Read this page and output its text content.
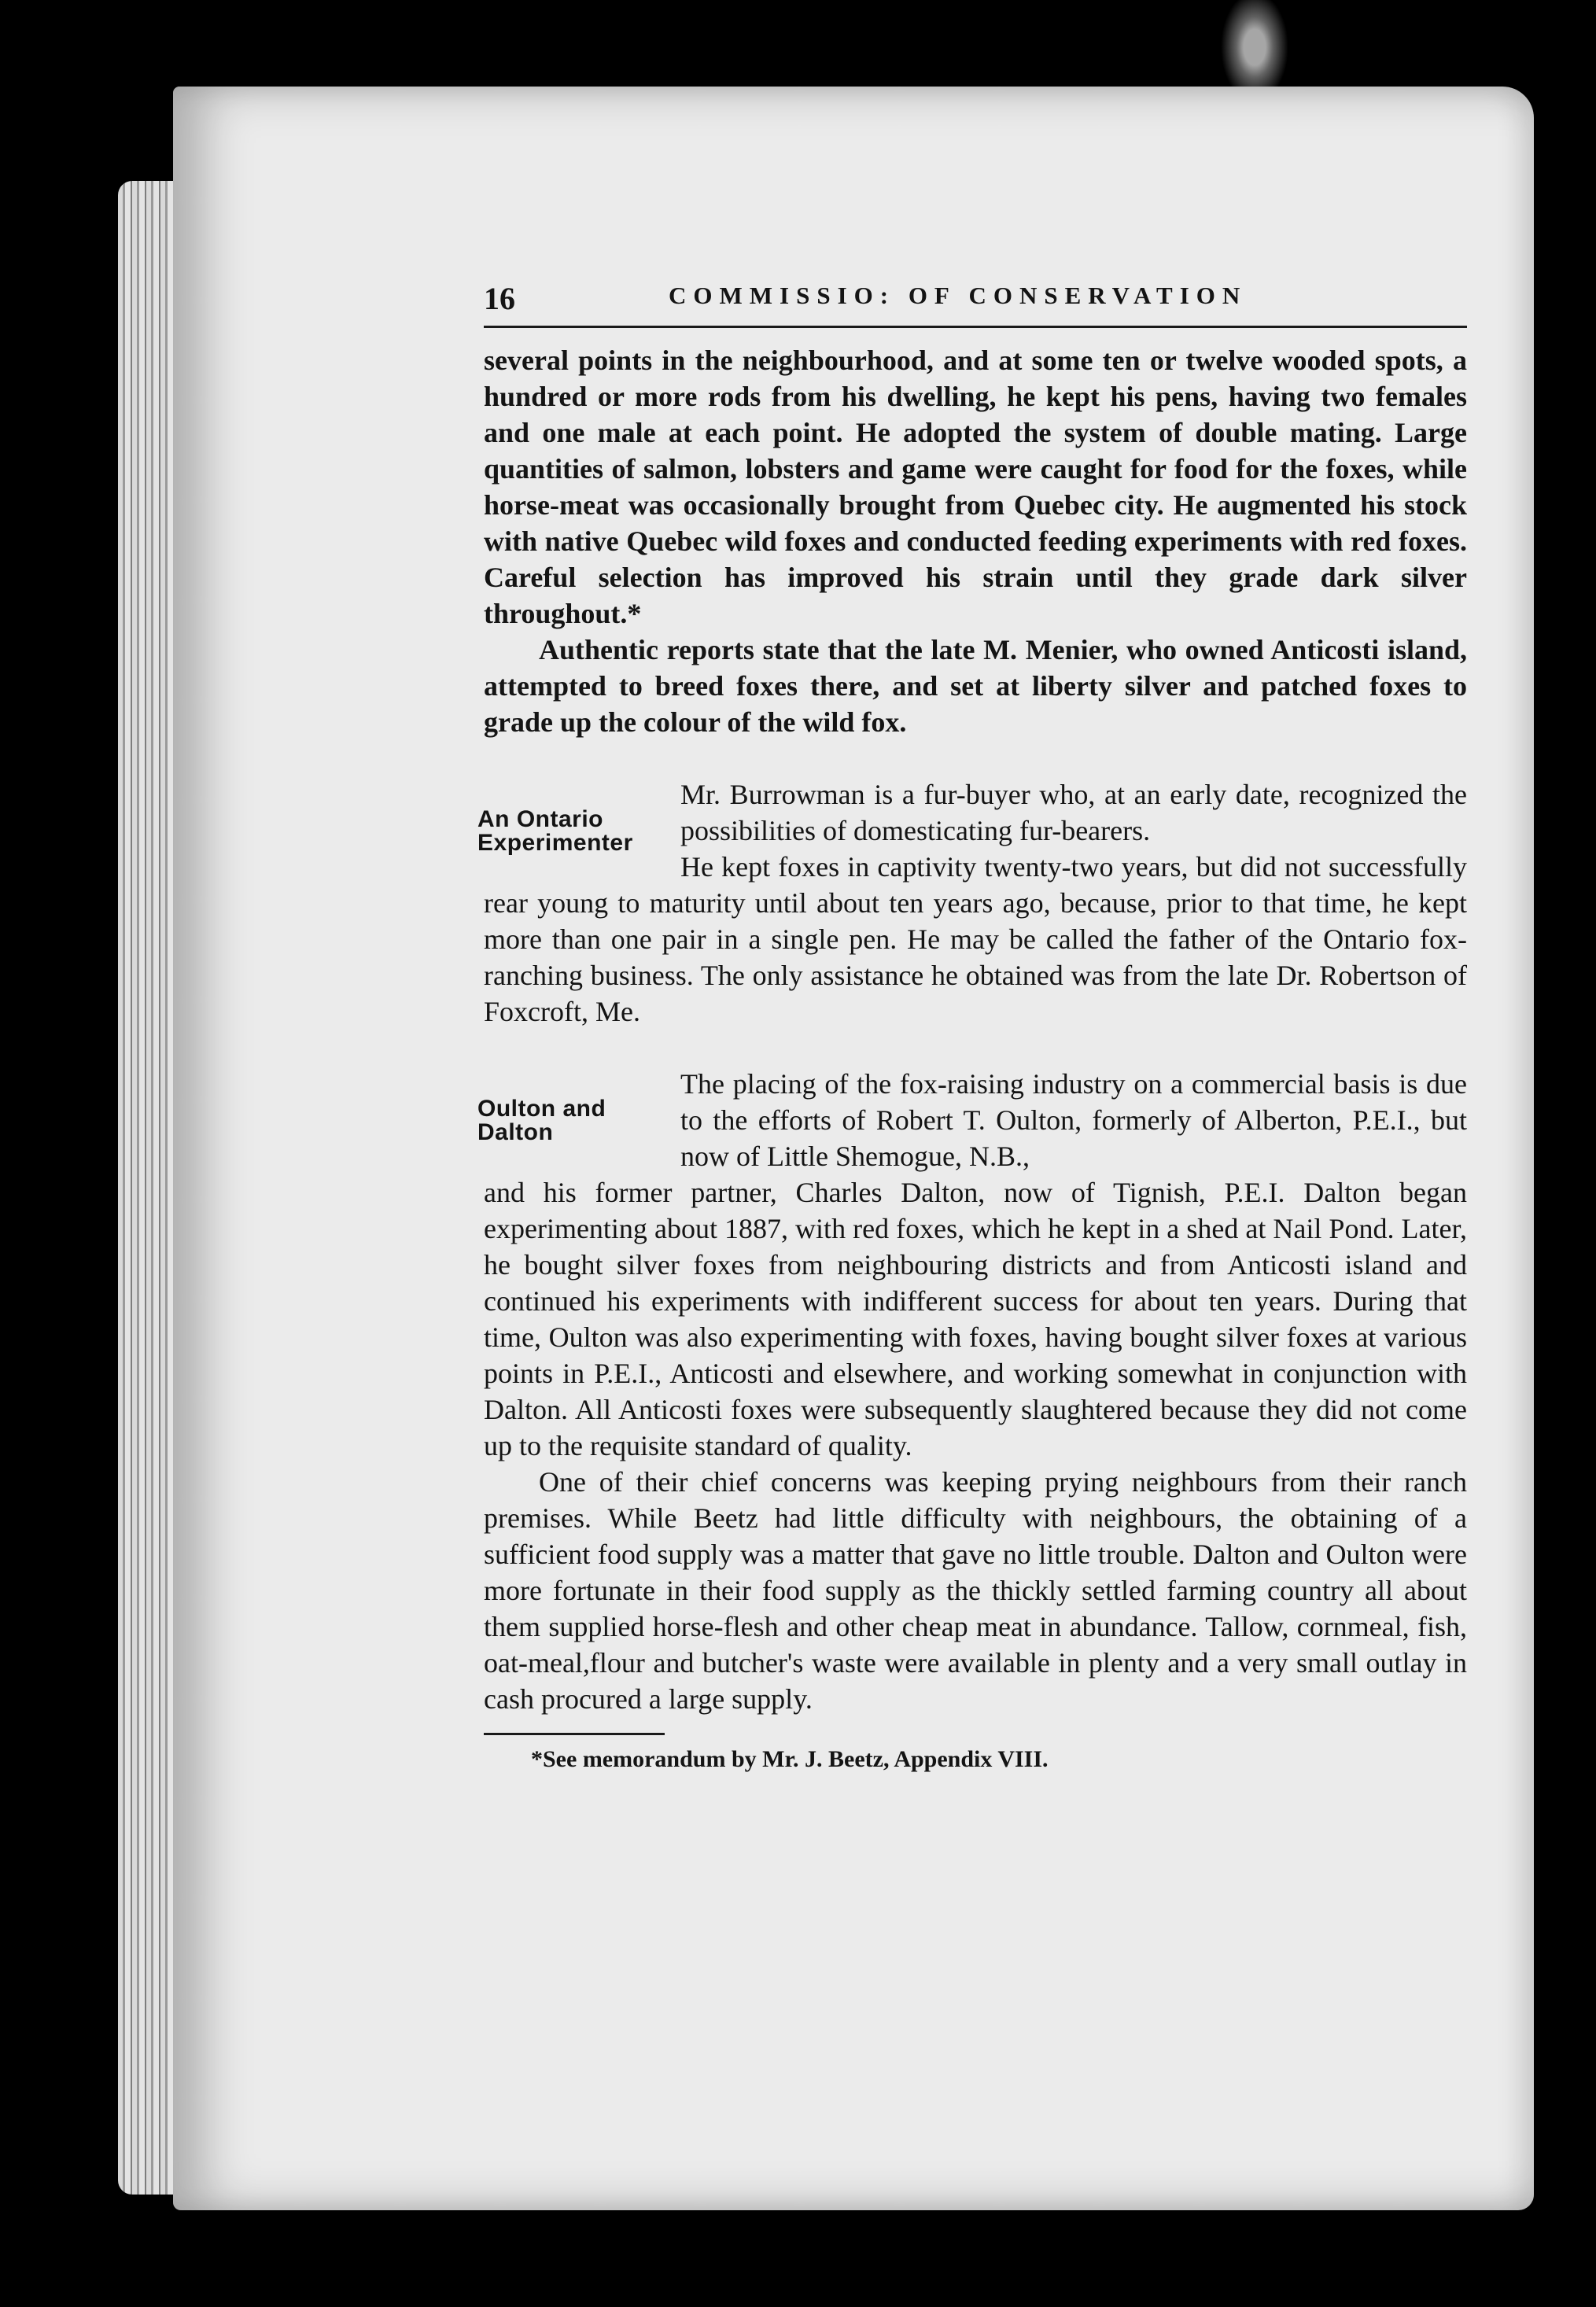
16	COMMISSIO: OF CONSERVATION

several points in the neighbourhood, and at some ten or twelve wooded spots, a hundred or more rods from his dwelling, he kept his pens, having two females and one male at each point. He adopted the system of double mating. Large quantities of salmon, lobsters and game were caught for food for the foxes, while horse-meat was occasionally brought from Quebec city. He augmented his stock with native Quebec wild foxes and conducted feeding experiments with red foxes. Careful selection has improved his strain until they grade dark silver throughout.*

Authentic reports state that the late M. Menier, who owned Anticosti island, attempted to breed foxes there, and set at liberty silver and patched foxes to grade up the colour of the wild fox.

An Ontario
Experimenter

Mr. Burrowman is a fur-buyer who, at an early date, recognized the possibilities of domesticating fur-bearers.

He kept foxes in captivity twenty-two years, but did not successfully rear young to maturity until about ten years ago, because, prior to that time, he kept more than one pair in a single pen. He may be called the father of the Ontario fox-ranching business. The only assistance he obtained was from the late Dr. Robertson of Foxcroft, Me.

Oulton and
Dalton

The placing of the fox-raising industry on a commercial basis is due to the efforts of Robert T. Oulton, formerly of Alberton, P.E.I., but now of Little Shemogue, N.B.,

and his former partner, Charles Dalton, now of Tignish, P.E.I. Dalton began experimenting about 1887, with red foxes, which he kept in a shed at Nail Pond. Later, he bought silver foxes from neighbouring districts and from Anticosti island and continued his experiments with indifferent success for about ten years. During that time, Oulton was also experimenting with foxes, having bought silver foxes at various points in P.E.I., Anticosti and elsewhere, and working somewhat in conjunction with Dalton. All Anticosti foxes were subsequently slaughtered because they did not come up to the requisite standard of quality.

One of their chief concerns was keeping prying neighbours from their ranch premises. While Beetz had little difficulty with neighbours, the obtaining of a sufficient food supply was a matter that gave no little trouble. Dalton and Oulton were more fortunate in their food supply as the thickly settled farming country all about them supplied horse-flesh and other cheap meat in abundance. Tallow, cornmeal, fish, oat-meal,flour and butcher's waste were available in plenty and a very small outlay in cash procured a large supply.

*See memorandum by Mr. J. Beetz, Appendix VIII.
